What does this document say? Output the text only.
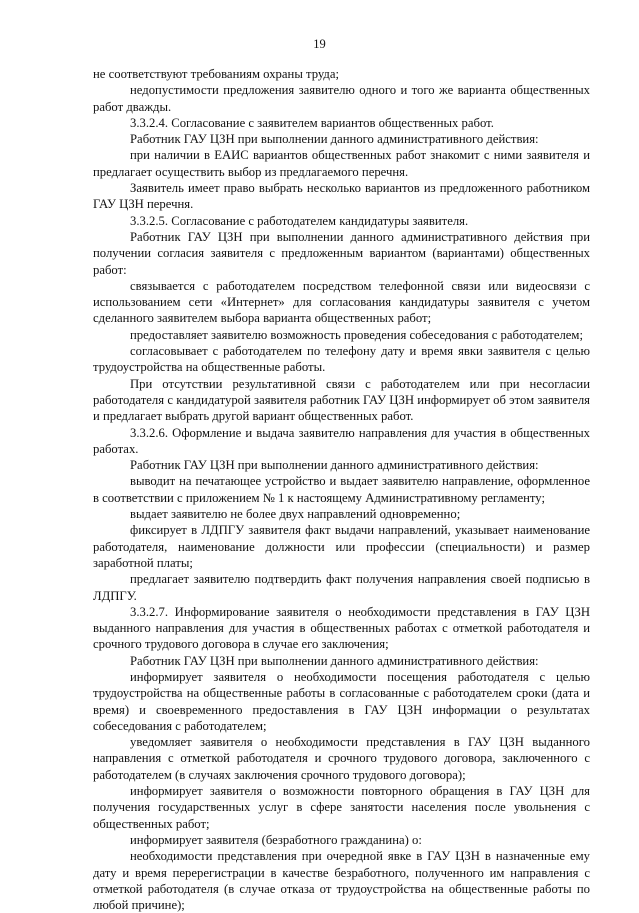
19

не соответствуют требованиям охраны труда;

недопустимости предложения заявителю одного и того же варианта общественных работ дважды.

3.3.2.4. Согласование с заявителем вариантов общественных работ.

Работник ГАУ ЦЗН при выполнении данного административного действия:

при наличии в ЕАИС вариантов общественных работ знакомит с ними заявителя и предлагает осуществить выбор из предлагаемого перечня.

Заявитель имеет право выбрать несколько вариантов из предложенного работником ГАУ ЦЗН перечня.

3.3.2.5. Согласование с работодателем кандидатуры заявителя.

Работник ГАУ ЦЗН при выполнении данного административного действия при получении согласия заявителя с предложенным вариантом (вариантами) общественных работ:

связывается с работодателем посредством телефонной связи или видеосвязи с использованием сети «Интернет» для согласования кандидатуры заявителя с учетом сделанного заявителем выбора варианта общественных работ;

предоставляет заявителю возможность проведения собеседования с работодателем;

согласовывает с работодателем по телефону дату и время явки заявителя с целью трудоустройства на общественные работы.

При отсутствии результативной связи с работодателем или при несогласии работодателя с кандидатурой заявителя работник ГАУ ЦЗН информирует об этом заявителя и предлагает выбрать другой вариант общественных работ.

3.3.2.6. Оформление и выдача заявителю направления для участия в общественных работах.

Работник ГАУ ЦЗН при выполнении данного административного действия:

выводит на печатающее устройство и выдает заявителю направление, оформленное в соответствии с приложением № 1 к настоящему Административному регламенту;

выдает заявителю не более двух направлений одновременно;

фиксирует в ЛДПГУ заявителя факт выдачи направлений, указывает наименование работодателя, наименование должности или профессии (специальности) и размер заработной платы;

предлагает заявителю подтвердить факт получения направления своей подписью в ЛДПГУ.

3.3.2.7. Информирование заявителя о необходимости представления в ГАУ ЦЗН выданного направления для участия в общественных работах с отметкой работодателя и срочного трудового договора в случае его заключения;

Работник ГАУ ЦЗН при выполнении данного административного действия:

информирует заявителя о необходимости посещения работодателя с целью трудоустройства на общественные работы в согласованные с работодателем сроки (дата и время) и своевременного предоставления в ГАУ ЦЗН информации о результатах собеседования с работодателем;

уведомляет заявителя о необходимости представления в ГАУ ЦЗН выданного направления с отметкой работодателя и срочного трудового договора, заключенного с работодателем (в случаях заключения срочного трудового договора);

информирует заявителя о возможности повторного обращения в ГАУ ЦЗН для получения государственных услуг в сфере занятости населения после увольнения с общественных работ;

информирует заявителя (безработного гражданина) о:

необходимости представления при очередной явке в ГАУ ЦЗН в назначенные ему дату и время перерегистрации в качестве безработного, полученного им направления с отметкой работодателя (в случае отказа от трудоустройства на общественные работы по любой причине);
